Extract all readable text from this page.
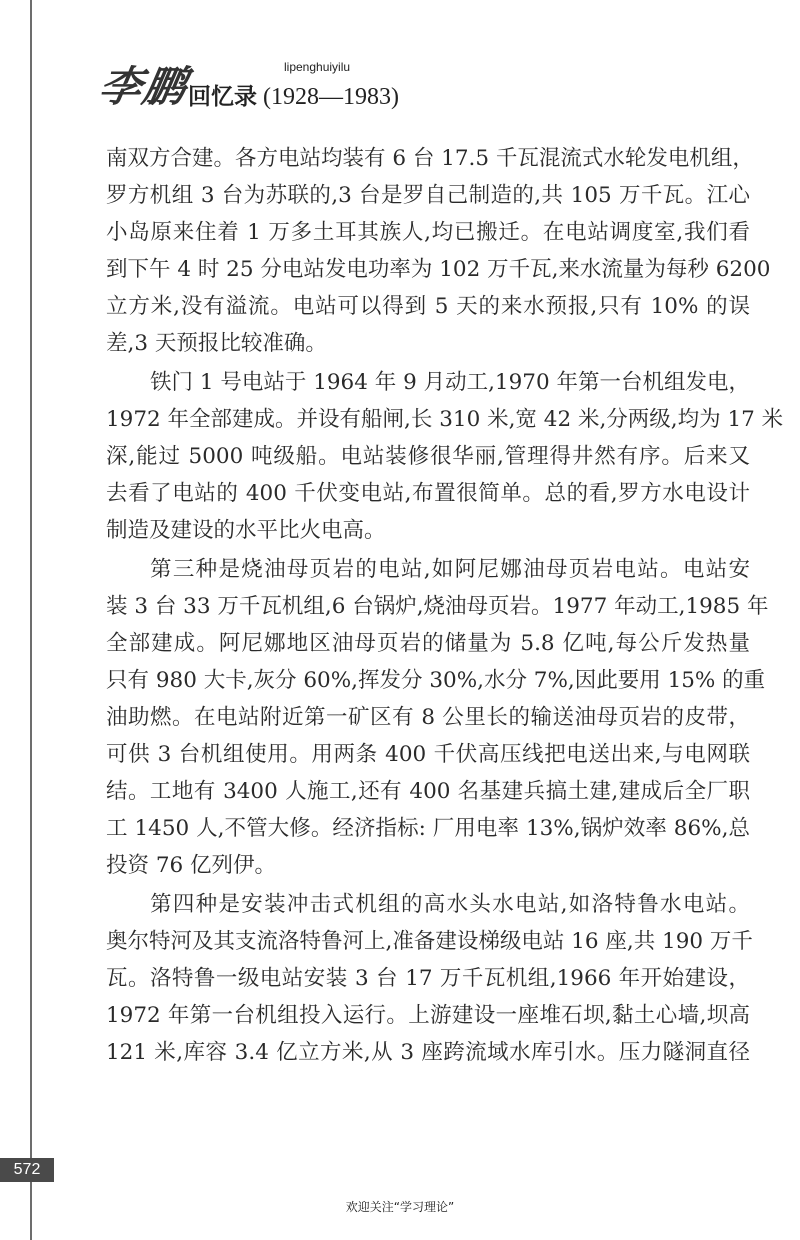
李鹏	lipenghuiyilu
回忆录 (1928—1983)
南双方合建。各方电站均装有 6 台 17.5 千瓦混流式水轮发电机组，
罗方机组 3 台为苏联的,3 台是罗自己制造的,共 105 万千瓦。江心
小岛原来住着 1 万多土耳其族人,均已搬迁。在电站调度室,我们看
到下午 4 时 25 分电站发电功率为 102 万千瓦,来水流量为每秒 6200
立方米,没有溢流。电站可以得到 5 天的来水预报,只有 10% 的误
差,3 天预报比较准确。
铁门 1 号电站于 1964 年 9 月动工,1970 年第一台机组发电，
1972 年全部建成。并设有船闸,长 310 米,宽 42 米,分两级,均为 17 米
深,能过 5000 吨级船。电站装修很华丽,管理得井然有序。后来又
去看了电站的 400 千伏变电站,布置很简单。总的看,罗方水电设计
制造及建设的水平比火电高。
第三种是烧油母页岩的电站,如阿尼娜油母页岩电站。电站安
装 3 台 33 万千瓦机组,6 台锅炉,烧油母页岩。1977 年动工,1985 年
全部建成。阿尼娜地区油母页岩的储量为 5.8 亿吨,每公斤发热量
只有 980 大卡,灰分 60%,挥发分 30%,水分 7%,因此要用 15% 的重
油助燃。在电站附近第一矿区有 8 公里长的输送油母页岩的皮带，
可供 3 台机组使用。用两条 400 千伏高压线把电送出来,与电网联
结。工地有 3400 人施工,还有 400 名基建兵搞土建,建成后全厂职
工 1450 人,不管大修。经济指标: 厂用电率 13%,锅炉效率 86%,总
投资 76 亿列伊。
第四种是安装冲击式机组的高水头水电站,如洛特鲁水电站。
奥尔特河及其支流洛特鲁河上,准备建设梯级电站 16 座,共 190 万千
瓦。洛特鲁一级电站安装 3 台 17 万千瓦机组,1966 年开始建设，
1972 年第一台机组投入运行。上游建设一座堆石坝,黏土心墙,坝高
121 米,库容 3.4 亿立方米,从 3 座跨流域水库引水。压力隧洞直径
572
欢迎关注“学习理论”
